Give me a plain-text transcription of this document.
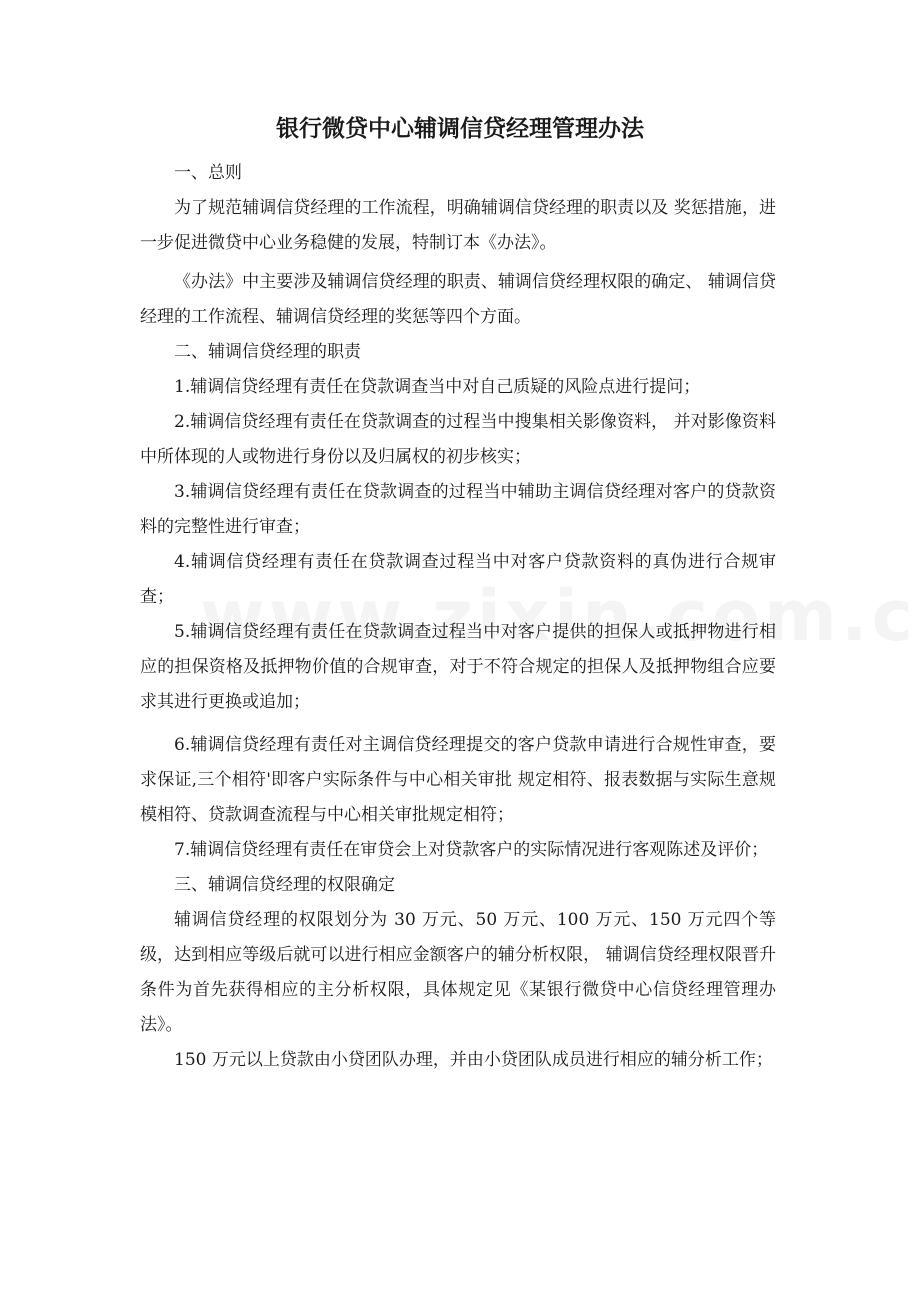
银行微贷中心辅调信贷经理管理办法

一、总则

为了规范辅调信贷经理的工作流程，明确辅调信贷经理的职责以及 奖惩措施，进一步促进微贷中心业务稳健的发展，特制订本《办法》。

《办法》中主要涉及辅调信贷经理的职责、辅调信贷经理权限的确定、 辅调信贷经理的工作流程、辅调信贷经理的奖惩等四个方面。

二、辅调信贷经理的职责

1.辅调信贷经理有责任在贷款调查当中对自己质疑的风险点进行提问；

2.辅调信贷经理有责任在贷款调查的过程当中搜集相关影像资料， 并对影像资料中所体现的人或物进行身份以及归属权的初步核实；

3.辅调信贷经理有责任在贷款调查的过程当中辅助主调信贷经理对客户的贷款资料的完整性进行审查；

4.辅调信贷经理有责任在贷款调查过程当中对客户贷款资料的真伪进行合规审查；

5.辅调信贷经理有责任在贷款调查过程当中对客户提供的担保人或抵押物进行相应的担保资格及抵押物价值的合规审查，对于不符合规定的担保人及抵押物组合应要求其进行更换或追加；

6.辅调信贷经理有责任对主调信贷经理提交的客户贷款申请进行合规性审查，要求保证,三个相符'即客户实际条件与中心相关审批 规定相符、报表数据与实际生意规模相符、贷款调查流程与中心相关审批规定相符；

7.辅调信贷经理有责任在审贷会上对贷款客户的实际情况进行客观陈述及评价；

三、辅调信贷经理的权限确定

辅调信贷经理的权限划分为 30 万元、50 万元、100 万元、150 万元四个等级，达到相应等级后就可以进行相应金额客户的辅分析权限， 辅调信贷经理权限晋升条件为首先获得相应的主分析权限，具体规定见《某银行微贷中心信贷经理管理办法》。

150 万元以上贷款由小贷团队办理，并由小贷团队成员进行相应的辅分析工作；
